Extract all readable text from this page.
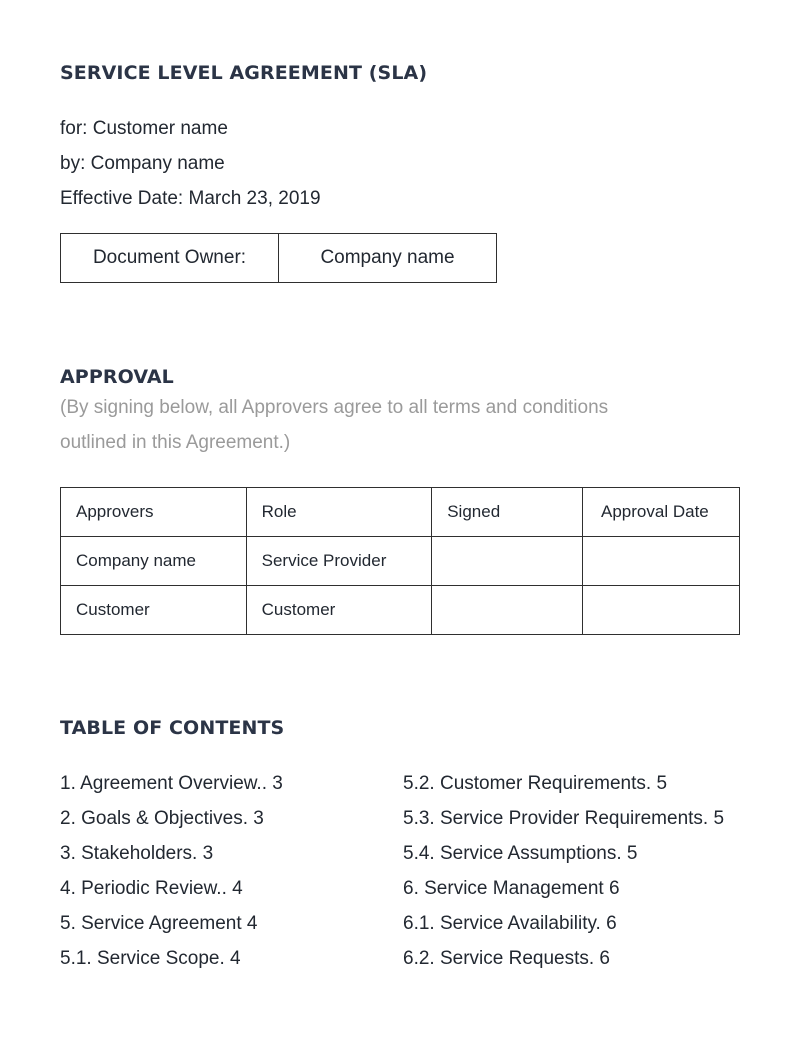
SERVICE LEVEL AGREEMENT (SLA)
for: Customer name
by: Company name
Effective Date: March 23, 2019
Document Owner:	Company name
APPROVAL
(By signing below, all Approvers agree to all terms and conditions
outlined in this Agreement.)
Approvers	Role	Signed	Approval Date
Company name	Service Provider		
Customer	Customer		
TABLE OF CONTENTS
1. Agreement Overview.. 3
2. Goals & Objectives. 3
3. Stakeholders. 3
4. Periodic Review.. 4
5. Service Agreement 4
5.1. Service Scope. 4
5.2. Customer Requirements. 5
5.3. Service Provider Requirements. 5
5.4. Service Assumptions. 5
6. Service Management 6
6.1. Service Availability. 6
6.2. Service Requests. 6
